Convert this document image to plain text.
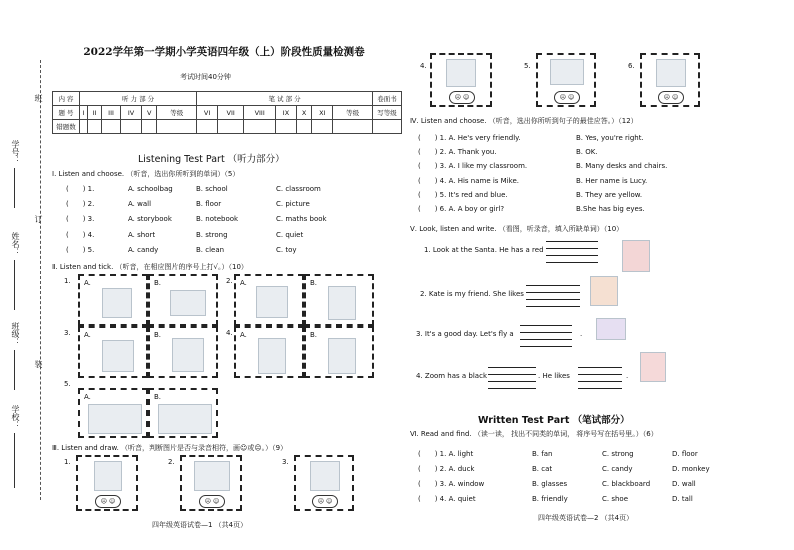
班
学号：
订
姓名：
班级：
装
学校：
2022学年第一学期小学英语四年级（上）阶段性质量检测卷
考试时间40分钟
内 容	听 力 部 分						笔 试 部 分							卷面书
题 号	I	II	III	IV	V	等级	VI	VII	VIII	IX	X	XI	等级	写等级
错题数														
Listening Test Part （听力部分）
Ⅰ. Listen and choose. （听音，选出你所听到的单词）（5）
(　　) 1.	A. schoolbag	B. school	C. classroom
(　　) 2.	A. wall	B. floor	C. picture
(　　) 3.	A. storybook	B. notebook	C. maths book
(　　) 4.	A. short	B. strong	C. quiet
(　　) 5.	A. candy	B. clean	C. toy
Ⅱ. Listen and tick. （听音，在相应图片的序号上打√。）（10）
1. A.	B.	2. A.	B.
3. A.	B.	4. A.	B.
5.
A.	B.
Ⅲ. Listen and draw. （听音，判断图片是否与录音相符，画☺或☹。）（9）
1.
☹ ☺
2.
☹ ☺
3.
☹ ☺
四年级英语试卷—1 （共4页）
4.
☹ ☺
5.
☹ ☺
6.
☹ ☺
Ⅳ. Listen and choose. （听音，选出你所听到句子的最佳应答。）（12）
(　　) 1. A. He's very friendly.	B. Yes, you're right.
(　　) 2. A. Thank you.	B. OK.
(　　) 3. A. I like my classroom.	B. Many desks and chairs.
(　　) 4. A. His name is Mike.	B. Her name is Lucy.
(　　) 5. It's red and blue.	B. They are yellow.
(　　) 6. A. A boy or girl?	B.She has big eyes.
Ⅴ. Look, listen and write. （看图，听录音，填入所缺单词）（10）
1. Look at the Santa. He has a red
2. Kate is my friend. She likes
3. It's a good day. Let's fly a	.
4. Zoom has a black	. He likes	.
Written Test Part （笔试部分）
Ⅵ. Read and find. （读一读， 找出不同类的单词， 将序号写在括号里。）（6）
(　　) 1. A. light	B. fan	C. strong	D. floor
(　　) 2. A. duck	B. cat	C. candy	D. monkey
(　　) 3. A. window	B. glasses	C. blackboard	D. wall
(　　) 4. A. quiet	B. friendly	C. shoe	D. tall
四年级英语试卷—2 （共4页）
